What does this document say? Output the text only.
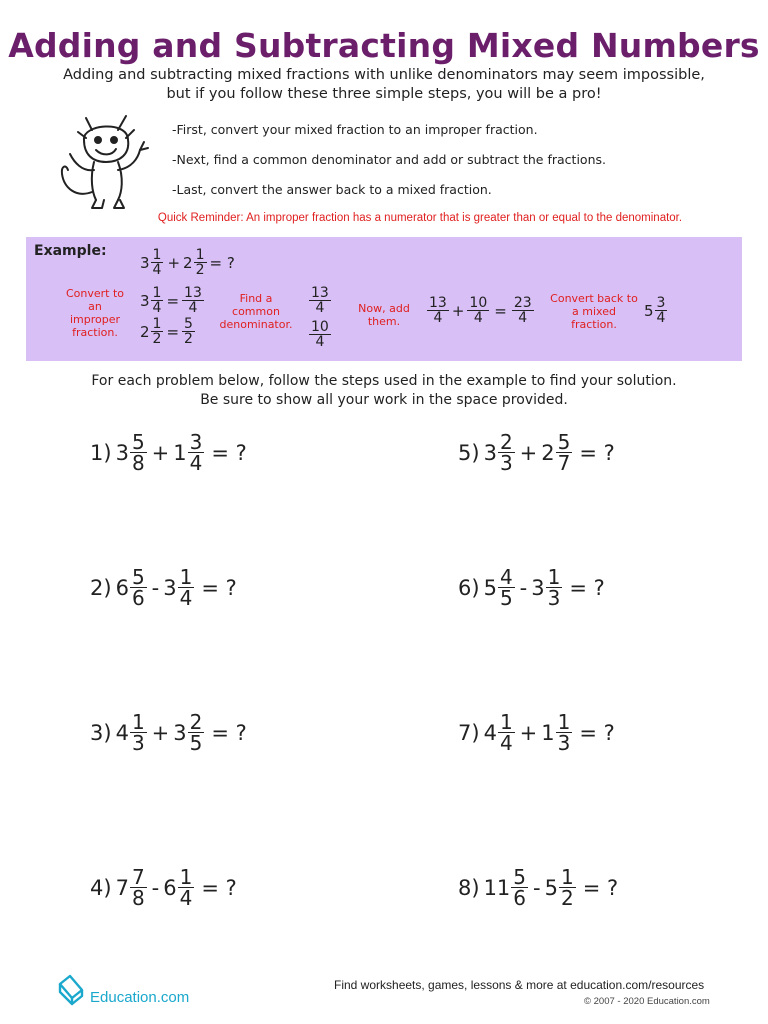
Adding and Subtracting Mixed Numbers
Adding and subtracting mixed fractions with unlike denominators may seem impossible,
but if you follow these three simple steps, you will be a pro!
-First, convert your mixed fraction to an improper fraction.
-Next, find a common denominator and add or subtract the fractions.
-Last, convert the answer back to a mixed fraction.
Quick Reminder: An improper fraction has a numerator that is greater than or equal to the denominator.
Example:
$3 \frac{1}{4} + 2 \frac{1}{2}$ = ?
Convert to an improper fraction.
$3 \frac{1}{4} = \frac{13}{4}$
$2 \frac{1}{2} = \frac{5}{2}$
Find a common denominator.
$\frac{13}{4}$
$\frac{10}{4}$
Now, add them.	$\frac{13}{4} + \frac{10}{4} = \frac{23}{4}$ Convert back to a mixed fraction.
$5 \frac{3}{4}$
For each problem below, follow the steps used in the example to find your solution.
Be sure to show all your work in the space provided.
1) $3 \frac{5}{8} + 1 \frac{3}{4}$ = ?
2) $6 \frac{5}{6} - 3 \frac{1}{4}$ = ?
3) $4 \frac{1}{3} + 3 \frac{2}{5}$ = ?
4) $7 \frac{7}{8} - 6 \frac{1}{4}$ = ?
5) $3 \frac{2}{3} + 2 \frac{5}{7}$ = ?
6) $5 \frac{4}{5} - 3 \frac{1}{3}$ = ?
7) $4 \frac{1}{4} + 1 \frac{1}{3}$ = ?
8) $11 \frac{5}{6} - 5 \frac{1}{2}$ = ?
Education.com
Find worksheets, games, lessons & more at education.com/resources
© 2007 - 2020 Education.com
